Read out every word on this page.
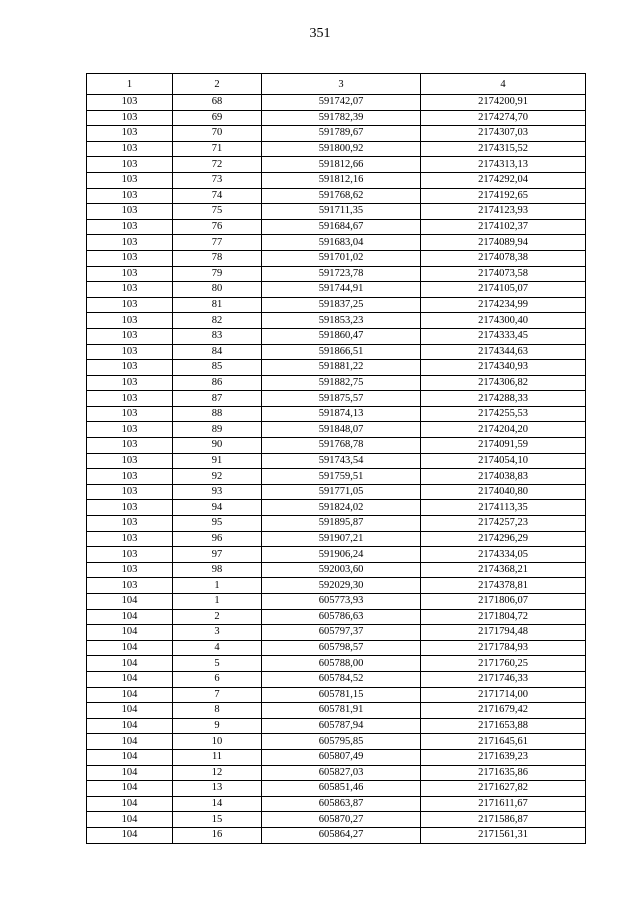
351
1	2	3	4
103	68	591742,07	2174200,91
103	69	591782,39	2174274,70
103	70	591789,67	2174307,03
103	71	591800,92	2174315,52
103	72	591812,66	2174313,13
103	73	591812,16	2174292,04
103	74	591768,62	2174192,65
103	75	591711,35	2174123,93
103	76	591684,67	2174102,37
103	77	591683,04	2174089,94
103	78	591701,02	2174078,38
103	79	591723,78	2174073,58
103	80	591744,91	2174105,07
103	81	591837,25	2174234,99
103	82	591853,23	2174300,40
103	83	591860,47	2174333,45
103	84	591866,51	2174344,63
103	85	591881,22	2174340,93
103	86	591882,75	2174306,82
103	87	591875,57	2174288,33
103	88	591874,13	2174255,53
103	89	591848,07	2174204,20
103	90	591768,78	2174091,59
103	91	591743,54	2174054,10
103	92	591759,51	2174038,83
103	93	591771,05	2174040,80
103	94	591824,02	2174113,35
103	95	591895,87	2174257,23
103	96	591907,21	2174296,29
103	97	591906,24	2174334,05
103	98	592003,60	2174368,21
103	1	592029,30	2174378,81
104	1	605773,93	2171806,07
104	2	605786,63	2171804,72
104	3	605797,37	2171794,48
104	4	605798,57	2171784,93
104	5	605788,00	2171760,25
104	6	605784,52	2171746,33
104	7	605781,15	2171714,00
104	8	605781,91	2171679,42
104	9	605787,94	2171653,88
104	10	605795,85	2171645,61
104	11	605807,49	2171639,23
104	12	605827,03	2171635,86
104	13	605851,46	2171627,82
104	14	605863,87	2171611,67
104	15	605870,27	2171586,87
104	16	605864,27	2171561,31
